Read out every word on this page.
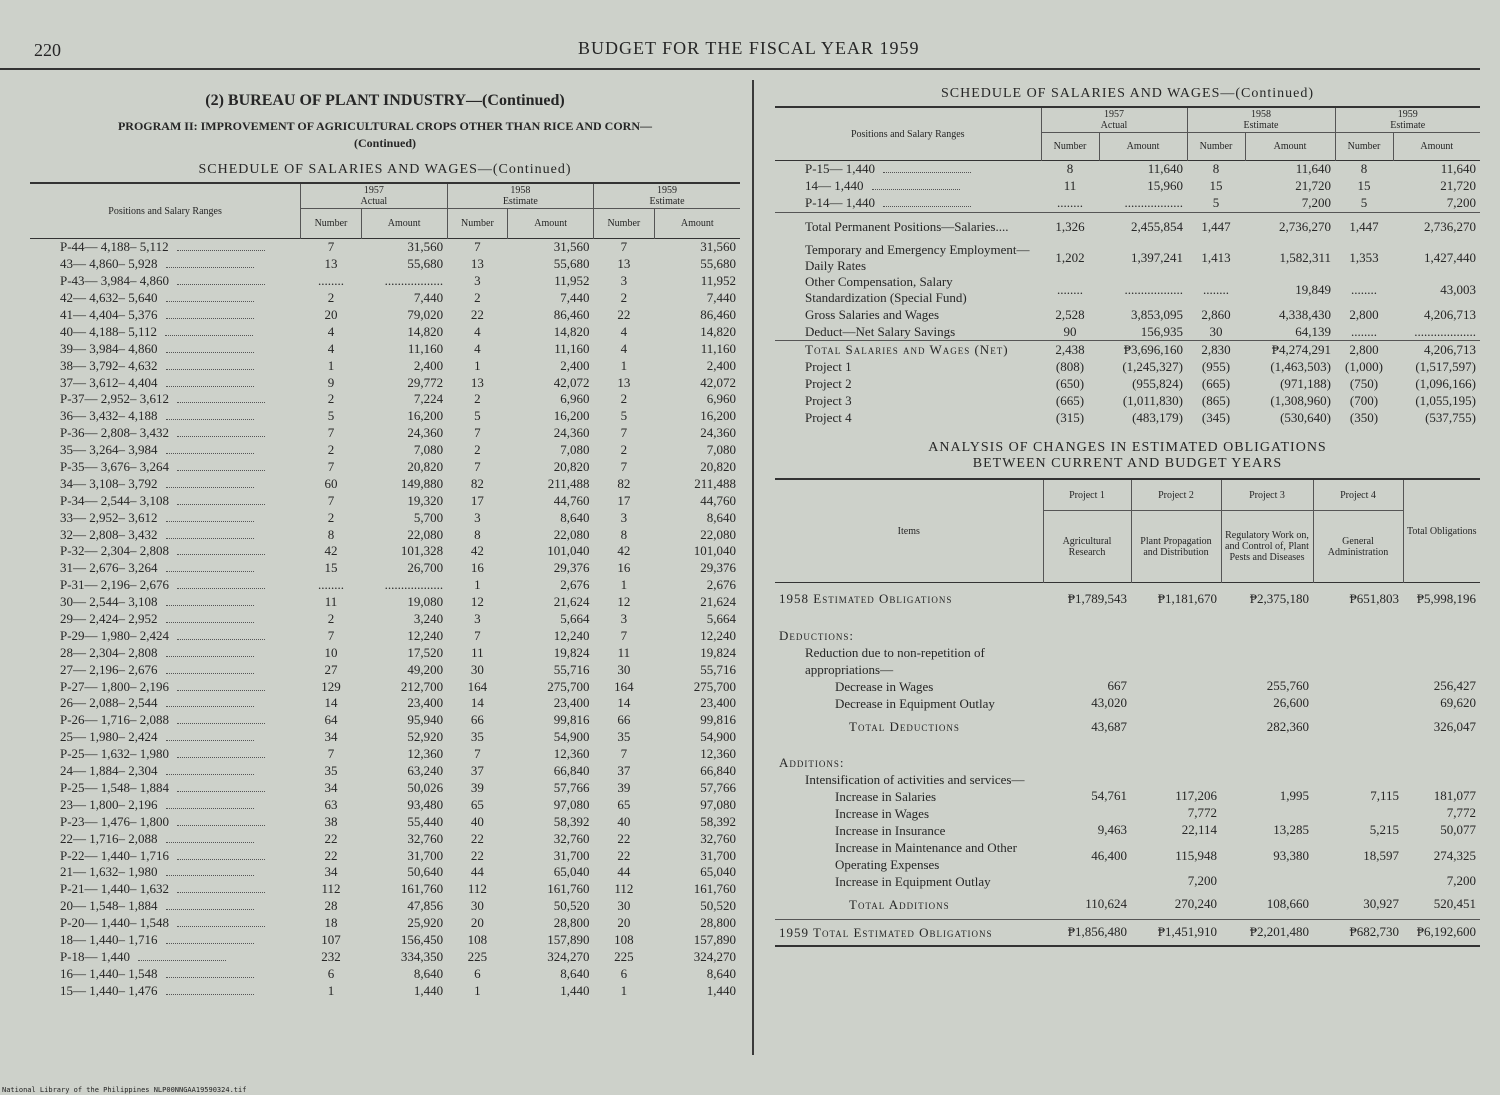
220	BUDGET FOR THE FISCAL YEAR 1959
(2) BUREAU OF PLANT INDUSTRY—(Continued)
PROGRAM II: IMPROVEMENT OF AGRICULTURAL CROPS OTHER THAN RICE AND CORN—(Continued)
SCHEDULE OF SALARIES AND WAGES—(Continued)
Positions and Salary Ranges	1957
Actual		1958
Estimate		1959
Estimate	
	Number	Amount	Number	Amount	Number	Amount
P-44— 4,188– 5,112	7	31,560	7	31,560	7	31,560
43— 4,860– 5,928	13	55,680	13	55,680	13	55,680
P-43— 3,984– 4,860	........	..................	3	11,952	3	11,952
42— 4,632– 5,640	2	7,440	2	7,440	2	7,440
41— 4,404– 5,376	20	79,020	22	86,460	22	86,460
40— 4,188– 5,112	4	14,820	4	14,820	4	14,820
39— 3,984– 4,860	4	11,160	4	11,160	4	11,160
38— 3,792– 4,632	1	2,400	1	2,400	1	2,400
37— 3,612– 4,404	9	29,772	13	42,072	13	42,072
P-37— 2,952– 3,612	2	7,224	2	6,960	2	6,960
36— 3,432– 4,188	5	16,200	5	16,200	5	16,200
P-36— 2,808– 3,432	7	24,360	7	24,360	7	24,360
35— 3,264– 3,984	2	7,080	2	7,080	2	7,080
P-35— 3,676– 3,264	7	20,820	7	20,820	7	20,820
34— 3,108– 3,792	60	149,880	82	211,488	82	211,488
P-34— 2,544– 3,108	7	19,320	17	44,760	17	44,760
33— 2,952– 3,612	2	5,700	3	8,640	3	8,640
32— 2,808– 3,432	8	22,080	8	22,080	8	22,080
P-32— 2,304– 2,808	42	101,328	42	101,040	42	101,040
31— 2,676– 3,264	15	26,700	16	29,376	16	29,376
P-31— 2,196– 2,676	........	..................	1	2,676	1	2,676
30— 2,544– 3,108	11	19,080	12	21,624	12	21,624
29— 2,424– 2,952	2	3,240	3	5,664	3	5,664
P-29— 1,980– 2,424	7	12,240	7	12,240	7	12,240
28— 2,304– 2,808	10	17,520	11	19,824	11	19,824
27— 2,196– 2,676	27	49,200	30	55,716	30	55,716
P-27— 1,800– 2,196	129	212,700	164	275,700	164	275,700
26— 2,088– 2,544	14	23,400	14	23,400	14	23,400
P-26— 1,716– 2,088	64	95,940	66	99,816	66	99,816
25— 1,980– 2,424	34	52,920	35	54,900	35	54,900
P-25— 1,632– 1,980	7	12,360	7	12,360	7	12,360
24— 1,884– 2,304	35	63,240	37	66,840	37	66,840
P-25— 1,548– 1,884	34	50,026	39	57,766	39	57,766
23— 1,800– 2,196	63	93,480	65	97,080	65	97,080
P-23— 1,476– 1,800	38	55,440	40	58,392	40	58,392
22— 1,716– 2,088	22	32,760	22	32,760	22	32,760
P-22— 1,440– 1,716	22	31,700	22	31,700	22	31,700
21— 1,632– 1,980	34	50,640	44	65,040	44	65,040
P-21— 1,440– 1,632	112	161,760	112	161,760	112	161,760
20— 1,548– 1,884	28	47,856	30	50,520	30	50,520
P-20— 1,440– 1,548	18	25,920	20	28,800	20	28,800
18— 1,440– 1,716	107	156,450	108	157,890	108	157,890
P-18— 1,440	232	334,350	225	324,270	225	324,270
16— 1,440– 1,548	6	8,640	6	8,640	6	8,640
15— 1,440– 1,476	1	1,440	1	1,440	1	1,440
SCHEDULE OF SALARIES AND WAGES—(Continued)
Positions and Salary Ranges	1957
Actual		1958
Estimate		1959
Estimate	
	Number	Amount	Number	Amount	Number	Amount
P-15— 1,440	8	11,640	8	11,640	8	11,640
14— 1,440	11	15,960	15	21,720	15	21,720
P-14— 1,440	........	..................	5	7,200	5	7,200
Total Permanent Positions—Salaries....	1,326	2,455,854	1,447	2,736,270	1,447	2,736,270
Temporary and Emergency Employment—Daily Rates	1,202	1,397,241	1,413	1,582,311	1,353	1,427,440
Other Compensation, Salary Standardization (Special Fund)	........	..................	........	19,849	........	43,003
Gross Salaries and Wages	2,528	3,853,095	2,860	4,338,430	2,800	4,206,713
Deduct—Net Salary Savings	90	156,935	30	64,139	........	...................
Total Salaries and Wages (Net)	2,438	₱3,696,160	2,830	₱4,274,291	2,800	4,206,713
Project 1	(808)	(1,245,327)	(955)	(1,463,503)	(1,000)	(1,517,597)
Project 2	(650)	(955,824)	(665)	(971,188)	(750)	(1,096,166)
Project 3	(665)	(1,011,830)	(865)	(1,308,960)	(700)	(1,055,195)
Project 4	(315)	(483,179)	(345)	(530,640)	(350)	(537,755)
ANALYSIS OF CHANGES IN ESTIMATED OBLIGATIONS
BETWEEN CURRENT AND BUDGET YEARS
Items	Project 1	Project 2	Project 3	Project 4	Total Obligations
	Agricultural Research	Plant Propagation and Distribution	Regulatory Work on, and Control of, Plant Pests and Diseases	General Administration	
1958 Estimated Obligations	₱1,789,543	₱1,181,670	₱2,375,180	₱651,803	₱5,998,196
Deductions:					
Reduction due to non-repetition of appropriations—					
Decrease in Wages	667		255,760		256,427
Decrease in Equipment Outlay	43,020		26,600		69,620
Total Deductions	43,687		282,360		326,047
Additions:					
Intensification of activities and services—					
Increase in Salaries	54,761	117,206	1,995	7,115	181,077
Increase in Wages		7,772			7,772
Increase in Insurance	9,463	22,114	13,285	5,215	50,077
Increase in Maintenance and Other Operating Expenses	46,400	115,948	93,380	18,597	274,325
Increase in Equipment Outlay		7,200			7,200
Total Additions	110,624	270,240	108,660	30,927	520,451
1959 Total Estimated Obligations	₱1,856,480	₱1,451,910	₱2,201,480	₱682,730	₱6,192,600
National Library of the Philippines NLP00NNGAA19590324.tif
